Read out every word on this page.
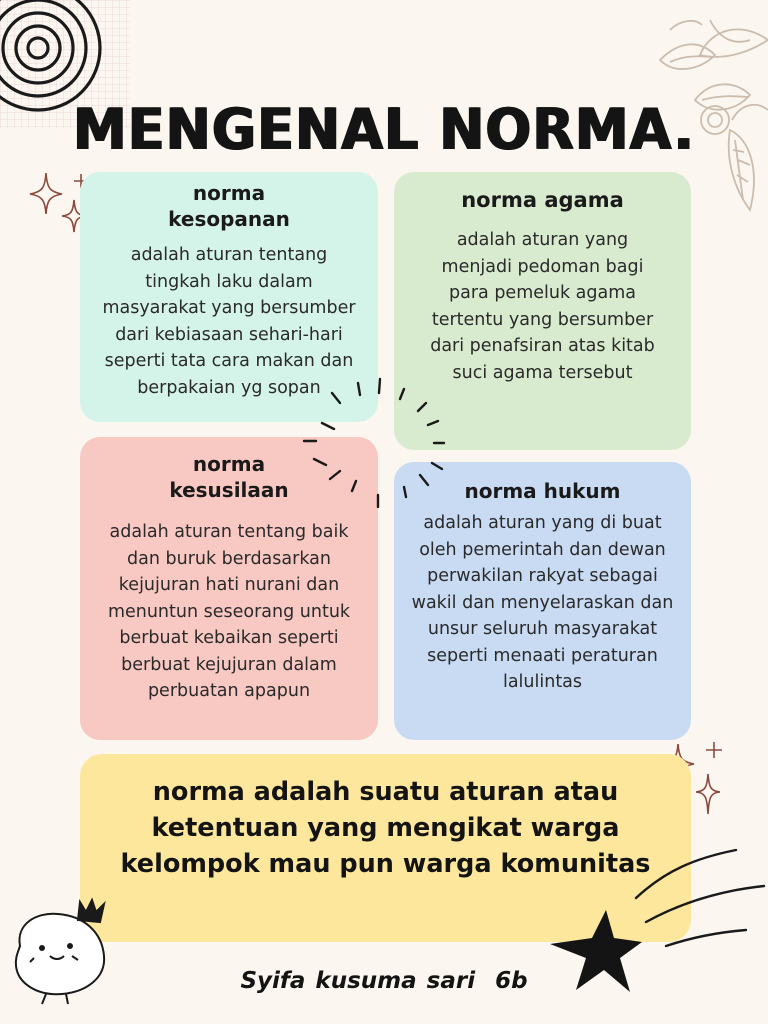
MENGENAL NORMA.
norma
kesopanan

adalah aturan tentang tingkah laku dalam masyarakat yang bersumber dari kebiasaan sehari-hari seperti tata cara makan dan berpakaian yg sopan

norma agama

adalah aturan yang menjadi pedoman bagi para pemeluk agama tertentu yang bersumber dari penafsiran atas kitab suci agama tersebut

norma
kesusilaan

adalah aturan tentang baik dan buruk berdasarkan kejujuran hati nurani dan menuntun seseorang untuk berbuat kebaikan seperti berbuat kejujuran dalam perbuatan apapun

norma hukum

adalah aturan yang di buat oleh pemerintah dan dewan perwakilan rakyat sebagai wakil dan menyelaraskan dan unsur seluruh masyarakat seperti menaati peraturan lalulintas

norma adalah suatu aturan atau ketentuan yang mengikat warga kelompok mau pun warga komunitas

Syifa kusuma sari  6b
